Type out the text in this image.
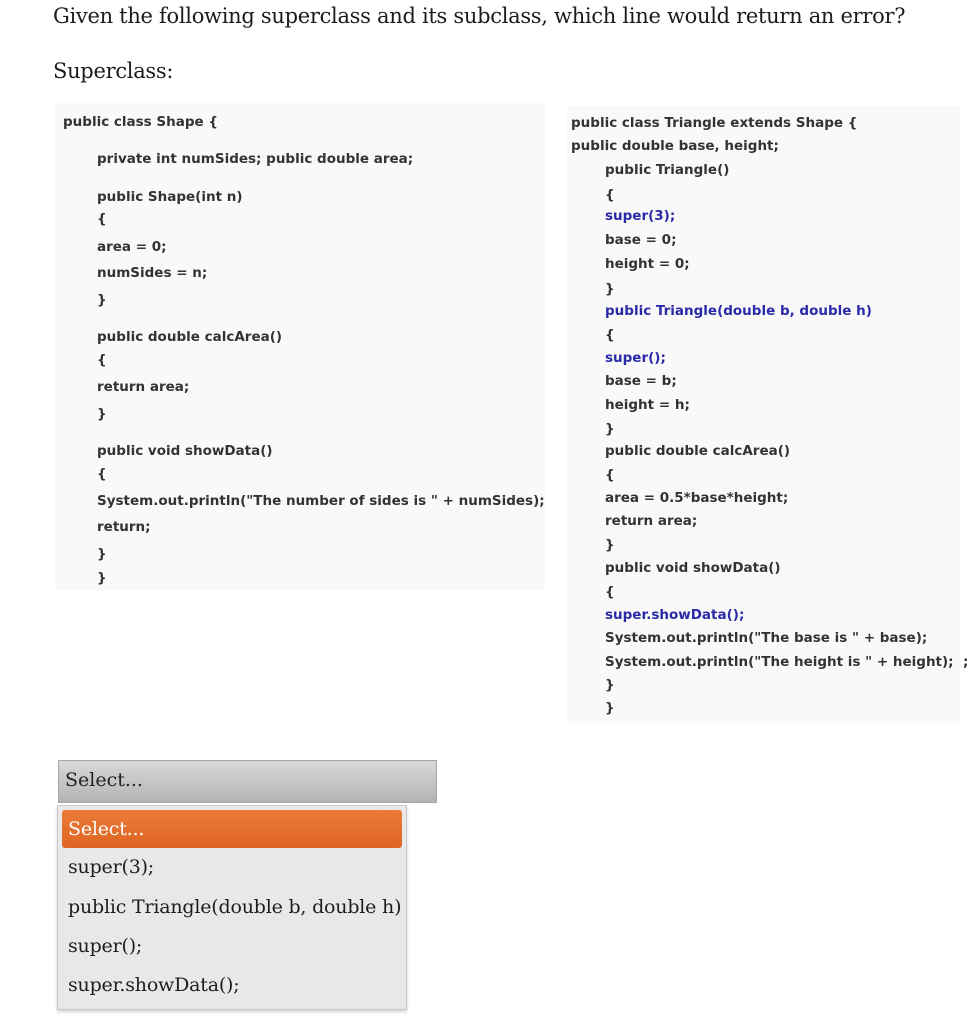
Given the following superclass and its subclass, which line would return an error?
Superclass:
public class Shape {
private int numSides; public double area;
public Shape(int n)
{
area = 0;
numSides = n;
}
public double calcArea()
{
return area;
}
public void showData()
{
System.out.println("The number of sides is " + numSides);
return;
}
}
public class Triangle extends Shape {
public double base, height;
public Triangle()
{
super(3);
base = 0;
height = 0;
}
public Triangle(double b, double h)
{
super();
base = b;
height = h;
}
public double calcArea()
{
area = 0.5*base*height;
return area;
}
public void showData()
{
super.showData();
System.out.println("The base is " + base);
System.out.println("The height is " + height);  ;
}
}
Select...
Select...
super(3);
public Triangle(double b, double h)
super();
super.showData();
